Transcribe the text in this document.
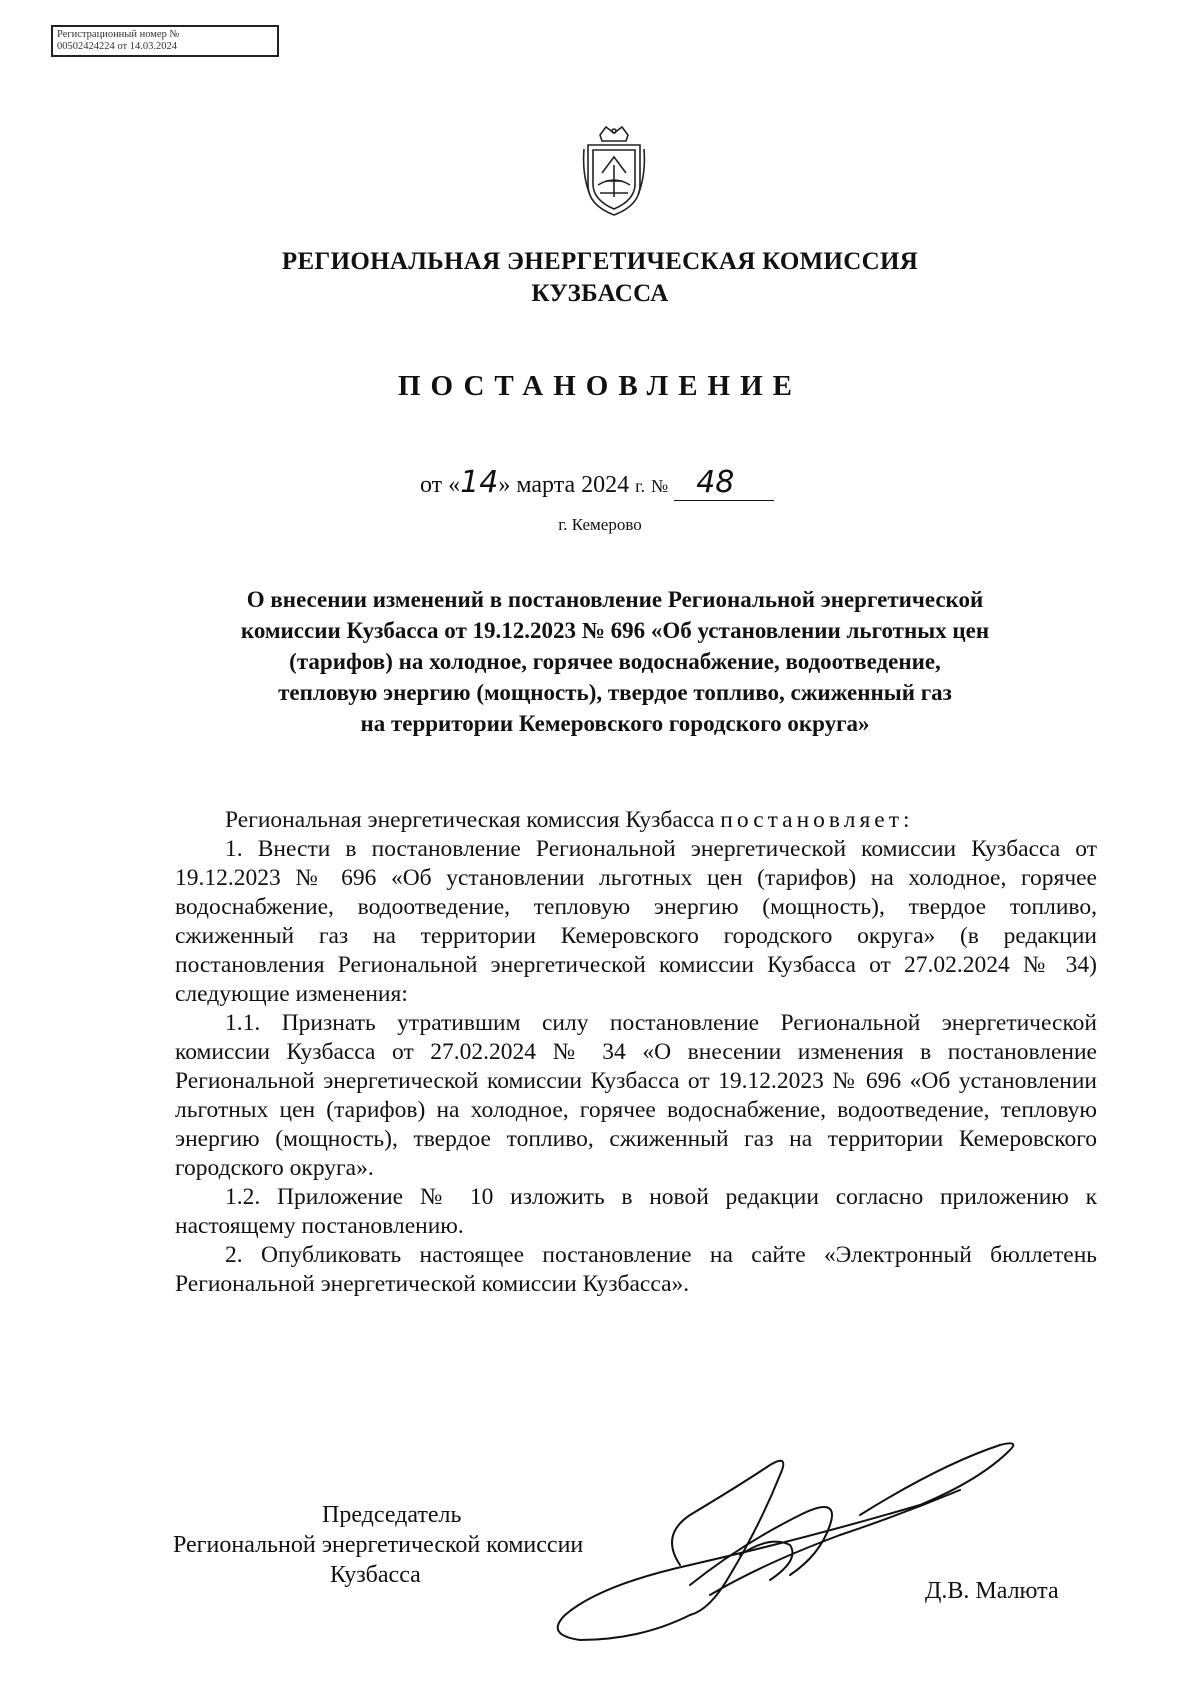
Регистрационный номер №
00502424224 от 14.03.2024
РЕГИОНАЛЬНАЯ ЭНЕРГЕТИЧЕСКАЯ КОМИССИЯ
КУЗБАССА
ПОСТАНОВЛЕНИЕ
от «14» марта 2024 г. № 48
г. Кемерово
О внесении изменений в постановление Региональной энергетической
комиссии Кузбасса от 19.12.2023 № 696 «Об установлении льготных цен
(тарифов) на холодное, горячее водоснабжение, водоотведение,
тепловую энергию (мощность), твердое топливо, сжиженный газ
на территории Кемеровского городского округа»
Региональная энергетическая комиссия Кузбасса постановляет:
1. Внести в постановление Региональной энергетической комиссии Кузбасса от 19.12.2023 № 696 «Об установлении льготных цен (тарифов) на холодное, горячее водоснабжение, водоотведение, тепловую энергию (мощность), твердое топливо, сжиженный газ на территории Кемеровского городского округа» (в редакции постановления Региональной энергетической комиссии Кузбасса от 27.02.2024 № 34) следующие изменения:
1.1. Признать утратившим силу постановление Региональной энергетической комиссии Кузбасса от 27.02.2024 № 34 «О внесении изменения в постановление Региональной энергетической комиссии Кузбасса от 19.12.2023 № 696 «Об установлении льготных цен (тарифов) на холодное, горячее водоснабжение, водоотведение, тепловую энергию (мощность), твердое топливо, сжиженный газ на территории Кемеровского городского округа».
1.2. Приложение № 10 изложить в новой редакции согласно приложению к настоящему постановлению.
2. Опубликовать настоящее постановление на сайте «Электронный бюллетень Региональной энергетической комиссии Кузбасса».
Председатель
Региональной энергетической комиссии
Кузбасса
Д.В. Малюта
